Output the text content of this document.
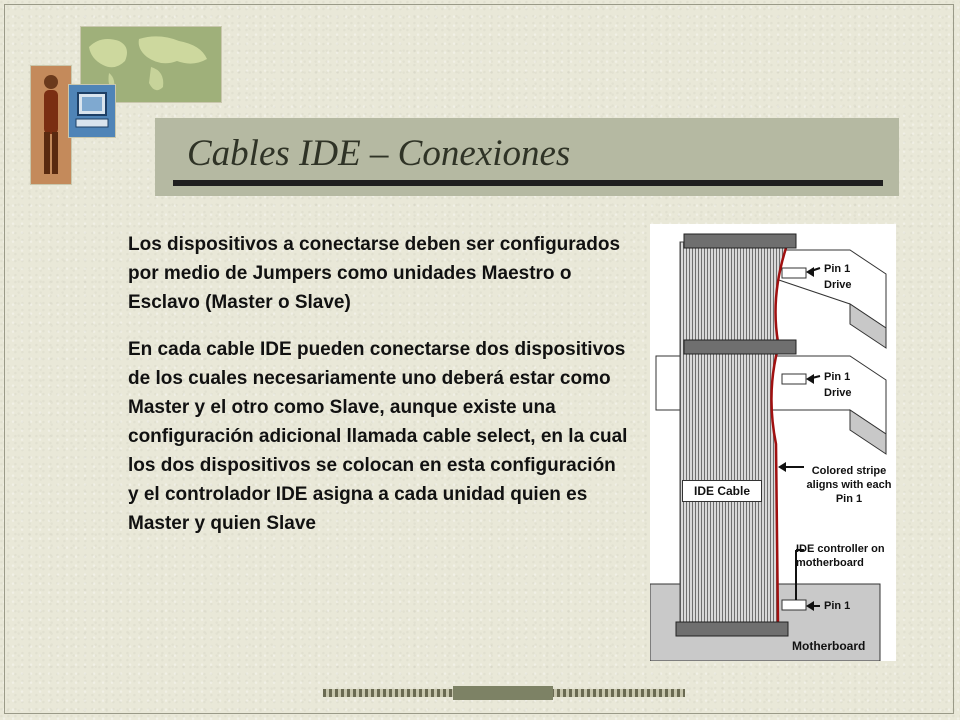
Cables IDE – Conexiones

Los dispositivos a conectarse deben ser configurados por medio de Jumpers como unidades Maestro o Esclavo (Master o Slave)

En cada cable IDE pueden conectarse dos dispositivos de los cuales necesariamente uno deberá estar como Master y el otro como Slave, aunque existe una configuración adicional llamada cable select, en la cual los dos dispositivos se colocan en esta configuración y el controlador IDE asigna a cada unidad quien es Master y quien Slave

Pin 1

Drive

Pin 1

Drive

Colored stripe aligns with each Pin 1

IDE Cable

IDE controller on motherboard

Pin 1

Motherboard
